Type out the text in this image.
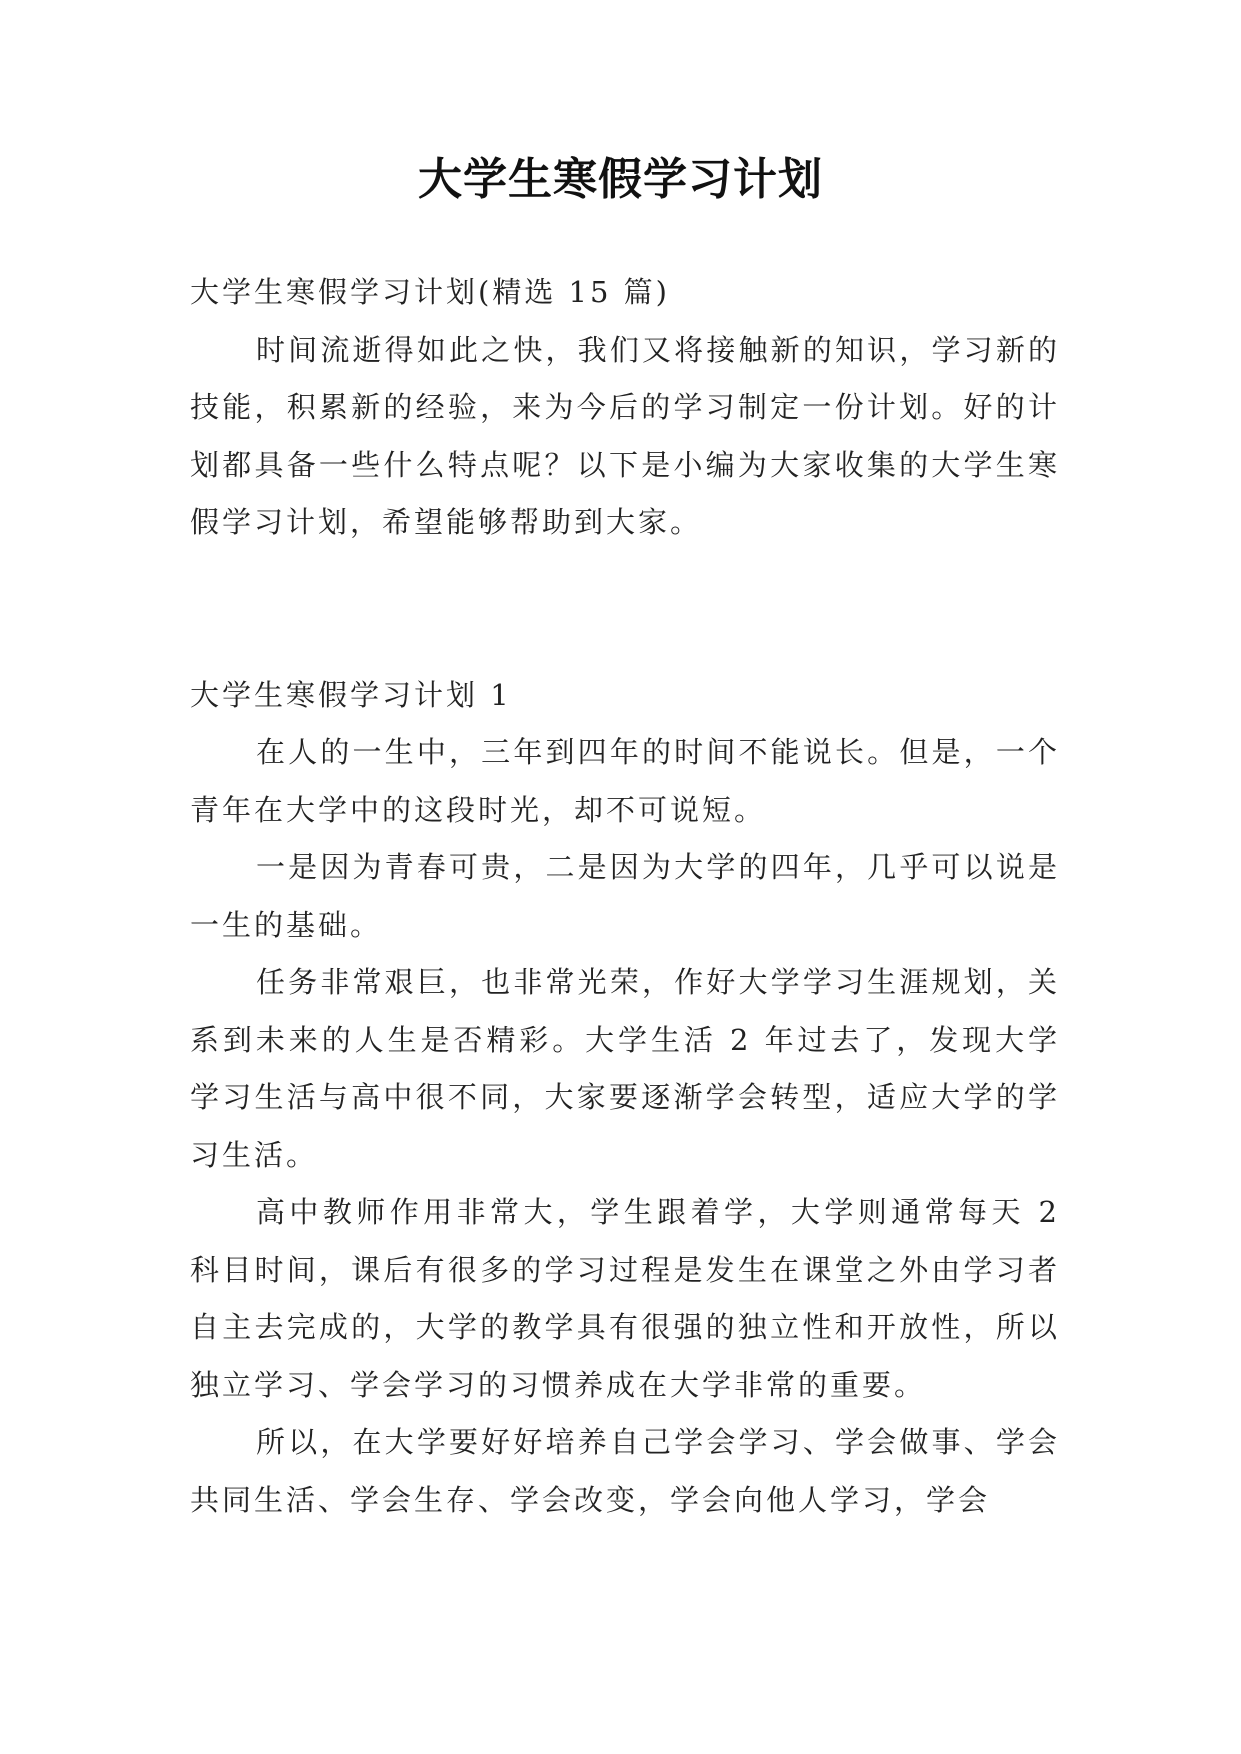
大学生寒假学习计划

大学生寒假学习计划(精选 15 篇)

时间流逝得如此之快，我们又将接触新的知识，学习新的技能，积累新的经验，来为今后的学习制定一份计划。好的计划都具备一些什么特点呢？以下是小编为大家收集的大学生寒假学习计划，希望能够帮助到大家。

大学生寒假学习计划 1

在人的一生中，三年到四年的时间不能说长。但是，一个青年在大学中的这段时光，却不可说短。

一是因为青春可贵，二是因为大学的四年，几乎可以说是一生的基础。

任务非常艰巨，也非常光荣，作好大学学习生涯规划，关系到未来的人生是否精彩。大学生活 2 年过去了，发现大学学习生活与高中很不同，大家要逐渐学会转型，适应大学的学习生活。

高中教师作用非常大，学生跟着学，大学则通常每天 2 科目时间，课后有很多的学习过程是发生在课堂之外由学习者自主去完成的，大学的教学具有很强的独立性和开放性，所以独立学习、学会学习的习惯养成在大学非常的重要。

所以，在大学要好好培养自己学会学习、学会做事、学会共同生活、学会生存、学会改变，学会向他人学习，学会
